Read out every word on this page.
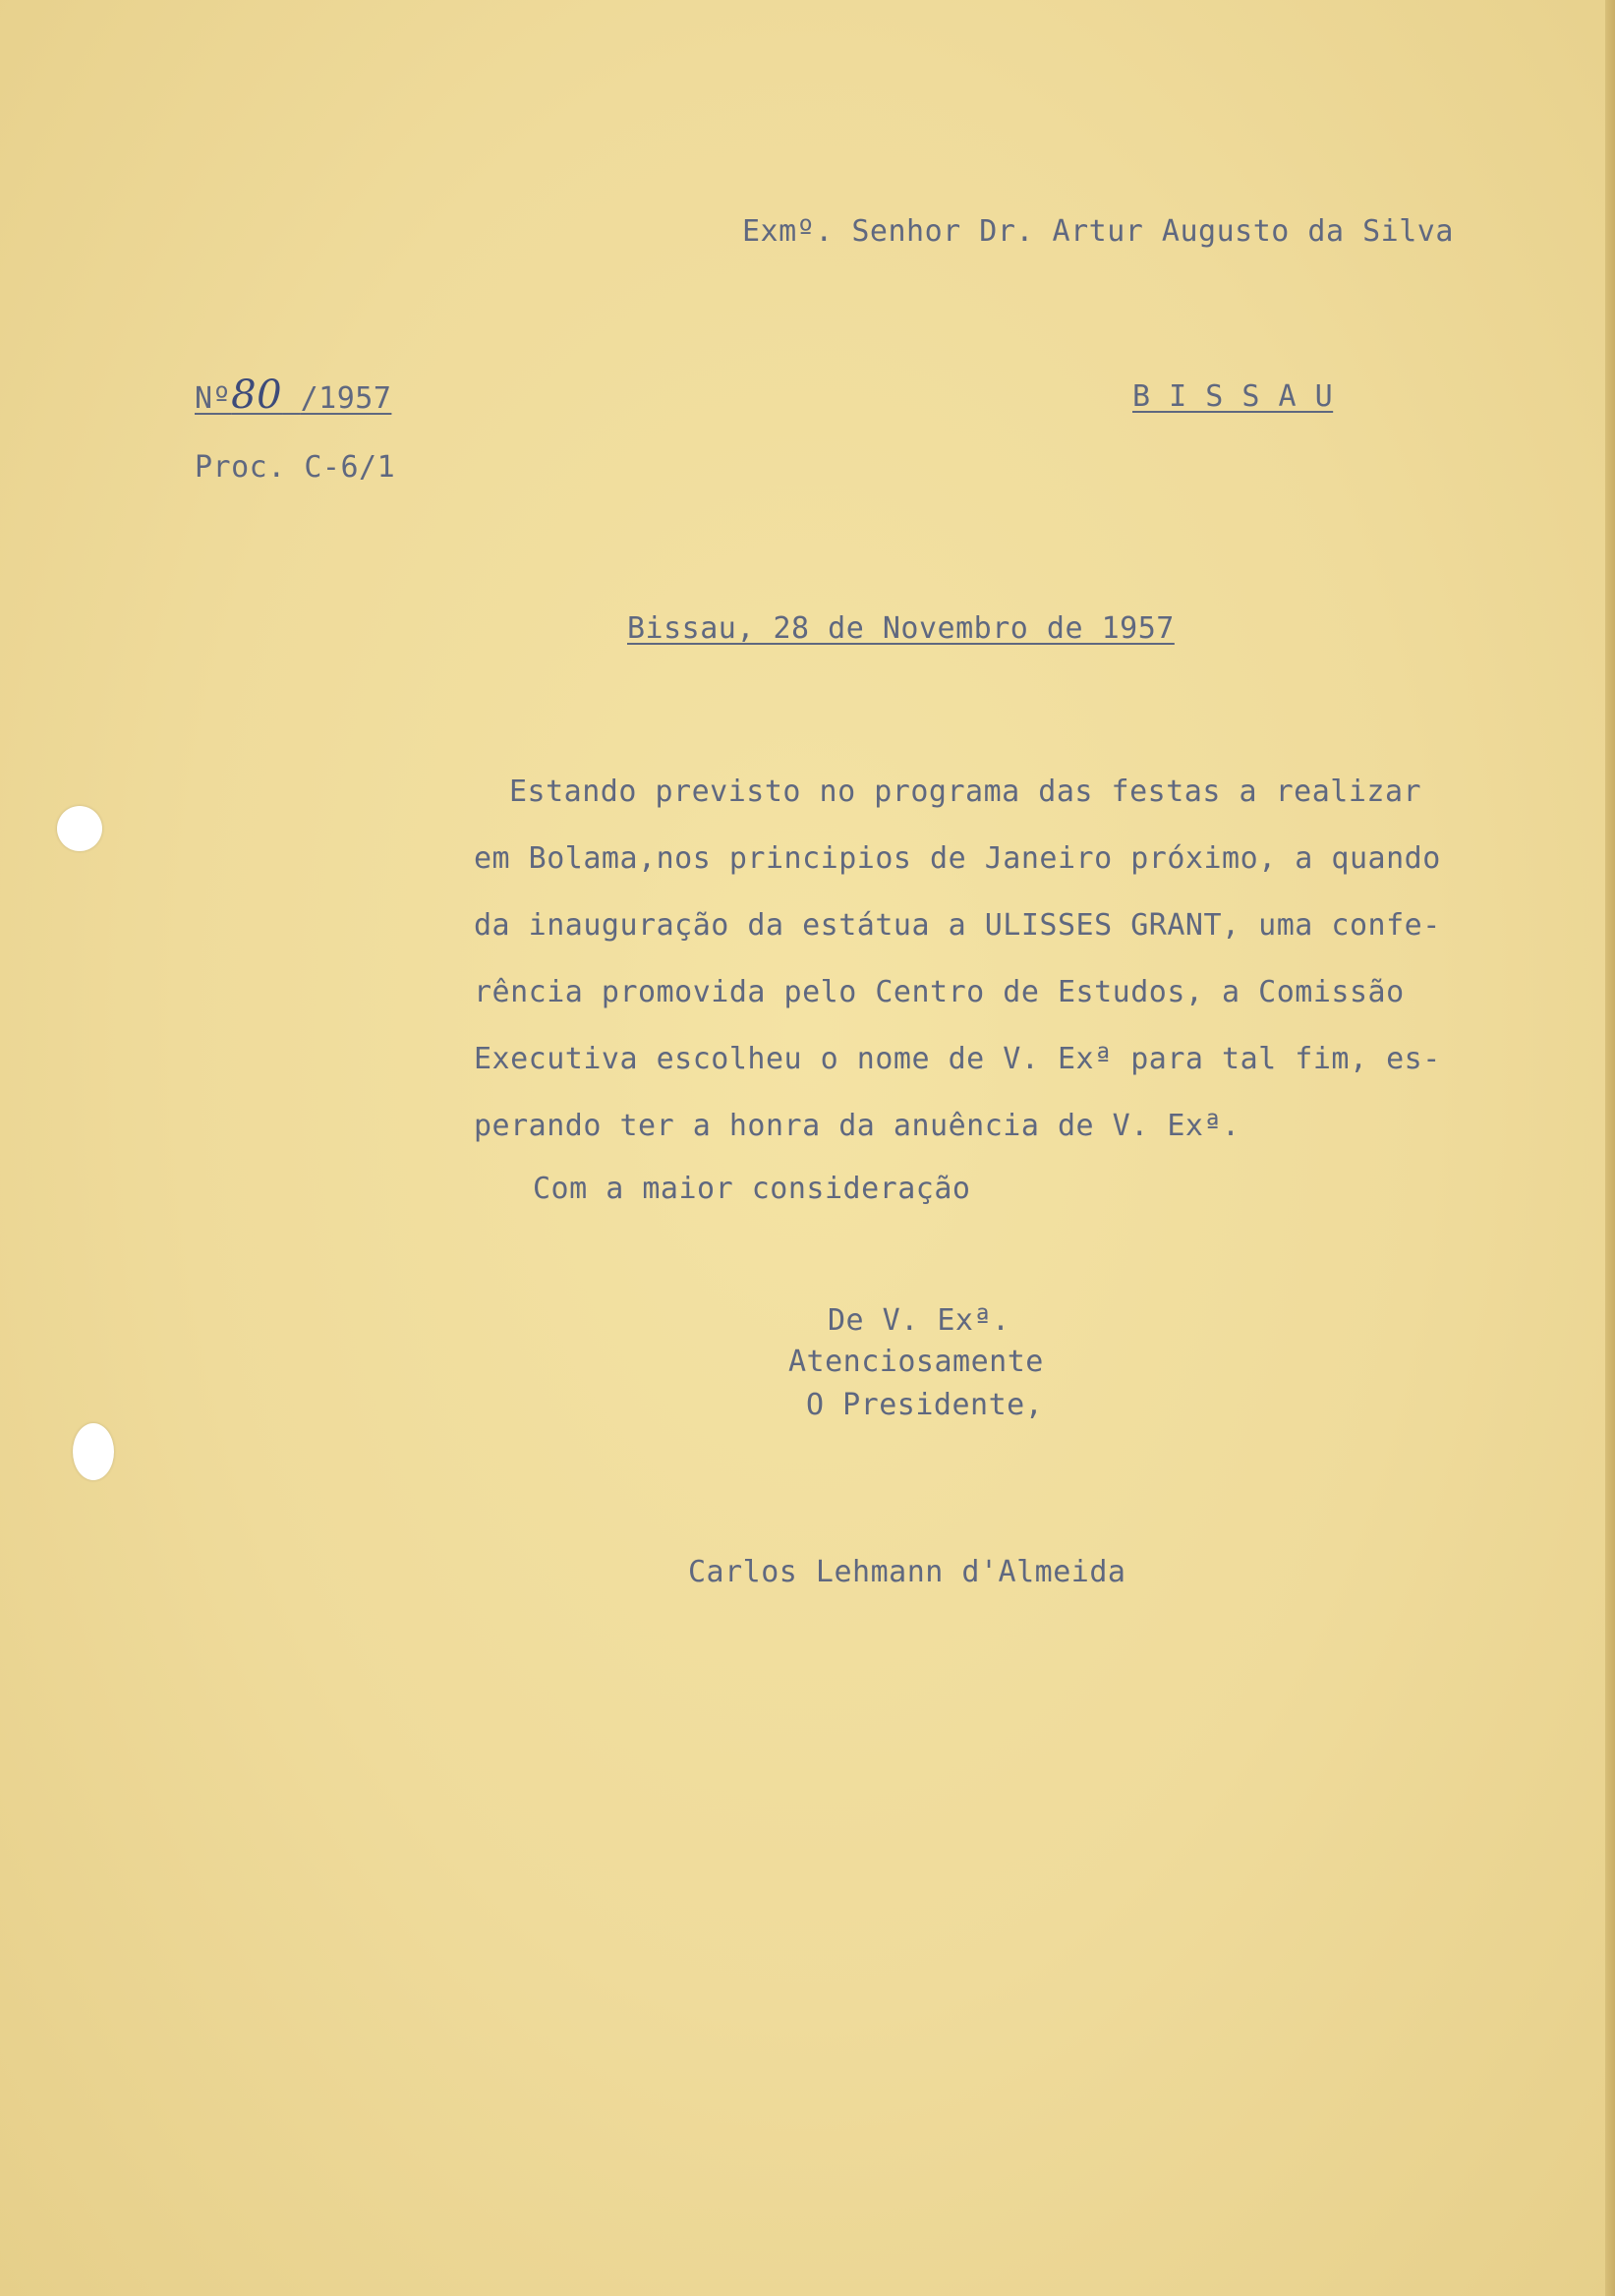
Exmº. Senhor Dr. Artur Augusto da Silva
Nº80 /1957	B I S S A U
Proc. C-6/1
Bissau, 28 de Novembro de 1957
Estando previsto no programa das festas a realizar
em Bolama,nos principios de Janeiro próximo, a quando
da inauguração da estátua a ULISSES GRANT, uma confe-
rência promovida pelo Centro de Estudos, a Comissão
Executiva escolheu o nome de V. Exª para tal fim, es-
perando ter a honra da anuência de V. Exª.
Com a maior consideração
De V. Exª.
Atenciosamente
O Presidente,
Carlos Lehmann d'Almeida
